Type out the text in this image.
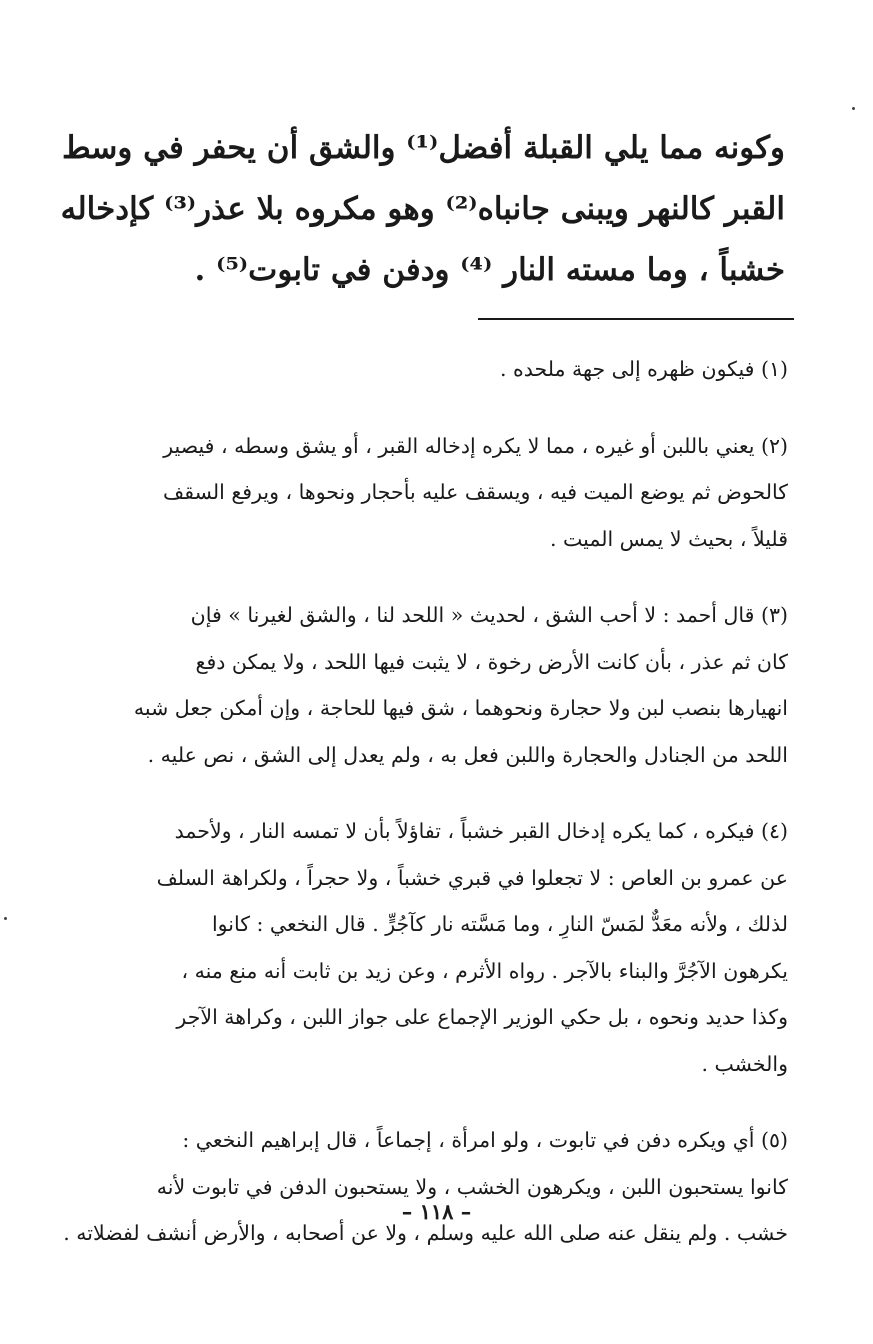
وكونه مما يلي القبلة أفضل⁽¹⁾ والشق أن يحفر في وسط
القبر كالنهر ويبنى جانباه⁽²⁾ وهو مكروه بلا عذر⁽³⁾ كإدخاله
خشباً ، وما مسته النار ⁽⁴⁾ ودفن في تابوت⁽⁵⁾ .
(١) فيكون ظهره إلى جهة ملحده .
(٢) يعني باللبن أو غيره ، مما لا يكره إدخاله القبر ، أو يشق وسطه ، فيصير
كالحوض ثم يوضع الميت فيه ، ويسقف عليه بأحجار ونحوها ، ويرفع السقف
قليلاً ، بحيث لا يمس الميت .
(٣) قال أحمد : لا أحب الشق ، لحديث « اللحد لنا ، والشق لغيرنا » فإن
كان ثم عذر ، بأن كانت الأرض رخوة ، لا يثبت فيها اللحد ، ولا يمكن دفع
انهيارها بنصب لبن ولا حجارة ونحوهما ، شق فيها للحاجة ، وإن أمكن جعل شبه
اللحد من الجنادل والحجارة واللبن فعل به ، ولم يعدل إلى الشق ، نص عليه .
(٤) فيكره ، كما يكره إدخال القبر خشباً ، تفاؤلاً بأن لا تمسه النار ، ولأحمد
عن عمرو بن العاص : لا تجعلوا في قبري خشباً ، ولا حجراً ، ولكراهة السلف
لذلك ، ولأنه معَدٌّ لمَسّ النارِ ، وما مَسَّته نار كآجُرٍّ . قال النخعي : كانوا
يكرهون الآجُرَّ والبناء بالآجر . رواه الأثرم ، وعن زيد بن ثابت أنه منع منه ،
وكذا حديد ونحوه ، بل حكي الوزير الإجماع على جواز اللبن ، وكراهة الآجر
والخشب .
(٥) أي ويكره دفن في تابوت ، ولو امرأة ، إجماعاً ، قال إبراهيم النخعي :
كانوا يستحبون اللبن ، ويكرهون الخشب ، ولا يستحبون الدفن في تابوت لأنه
خشب . ولم ينقل عنه صلى الله عليه وسلم ، ولا عن أصحابه ، والأرض أنشف لفضلاته .
– ١١٨ –
